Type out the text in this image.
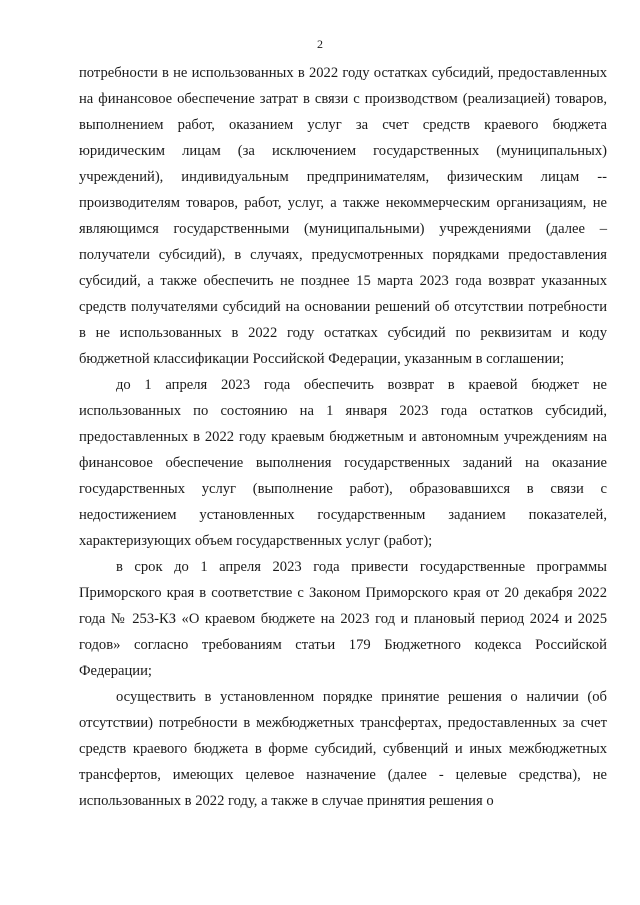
2

потребности в не использованных в 2022 году остатках субсидий, предоставленных на финансовое обеспечение затрат в связи с производством (реализацией) товаров, выполнением работ, оказанием услуг за счет средств краевого бюджета юридическим лицам (за исключением государственных (муниципальных) учреждений), индивидуальным предпринимателям, физическим лицам -- производителям товаров, работ, услуг, а также некоммерческим организациям, не являющимся государственными (муниципальными) учреждениями (далее – получатели субсидий), в случаях, предусмотренных порядками предоставления субсидий, а также обеспечить не позднее 15 марта 2023 года возврат указанных средств получателями субсидий на основании решений об отсутствии потребности в не использованных в 2022 году остатках субсидий по реквизитам и коду бюджетной классификации Российской Федерации, указанным в соглашении;

до 1 апреля 2023 года обеспечить возврат в краевой бюджет не использованных по состоянию на 1 января 2023 года остатков субсидий, предоставленных в 2022 году краевым бюджетным и автономным учреждениям на финансовое обеспечение выполнения государственных заданий на оказание государственных услуг (выполнение работ), образовавшихся в связи с недостижением установленных государственным заданием показателей, характеризующих объем государственных услуг (работ);

в срок до 1 апреля 2023 года привести государственные программы Приморского края в соответствие с Законом Приморского края от 20 декабря 2022 года № 253-КЗ «О краевом бюджете на 2023 год и плановый период 2024 и 2025 годов» согласно требованиям статьи 179 Бюджетного кодекса Российской Федерации;

осуществить в установленном порядке принятие решения о наличии (об отсутствии) потребности в межбюджетных трансфертах, предоставленных за счет средств краевого бюджета в форме субсидий, субвенций и иных межбюджетных трансфертов, имеющих целевое назначение (далее - целевые средства), не использованных в 2022 году, а также в случае принятия решения о
